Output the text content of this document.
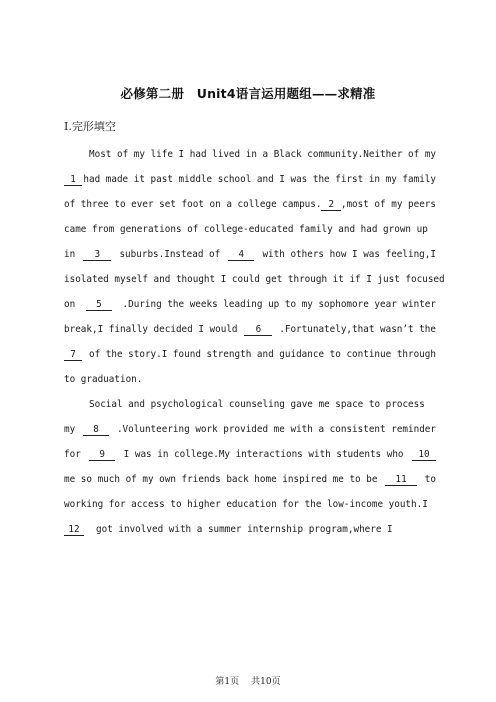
必修第二册　Unit4语言运用题组——求精准
Ⅰ.完形填空
Most of my life I had lived in a Black community.Neither of my
1 had made it past middle school and I was the first in my family
of three to ever set foot on a college campus. 2 ,most of my peers
came from generations of college-educated family and had grown up
in	3	suburbs.Instead of	4	with others how I was feeling,I
isolated myself and thought I could get through it if I just focused
on	5	.During the weeks leading up to my sophomore year winter
break,I finally decided I would	6	.Fortunately,that wasn’t the
7	of the story.I found strength and guidance to continue through
to graduation.
Social and psychological counseling gave me space to process
my	8	.Volunteering work provided me with a consistent reminder
for	9	I was in college.My interactions with students who	10
me so much of my own friends back home inspired me to be	11	to
working for access to higher education for the low-income youth.I
12	got involved with a summer internship program,where I
第1页 共10页
